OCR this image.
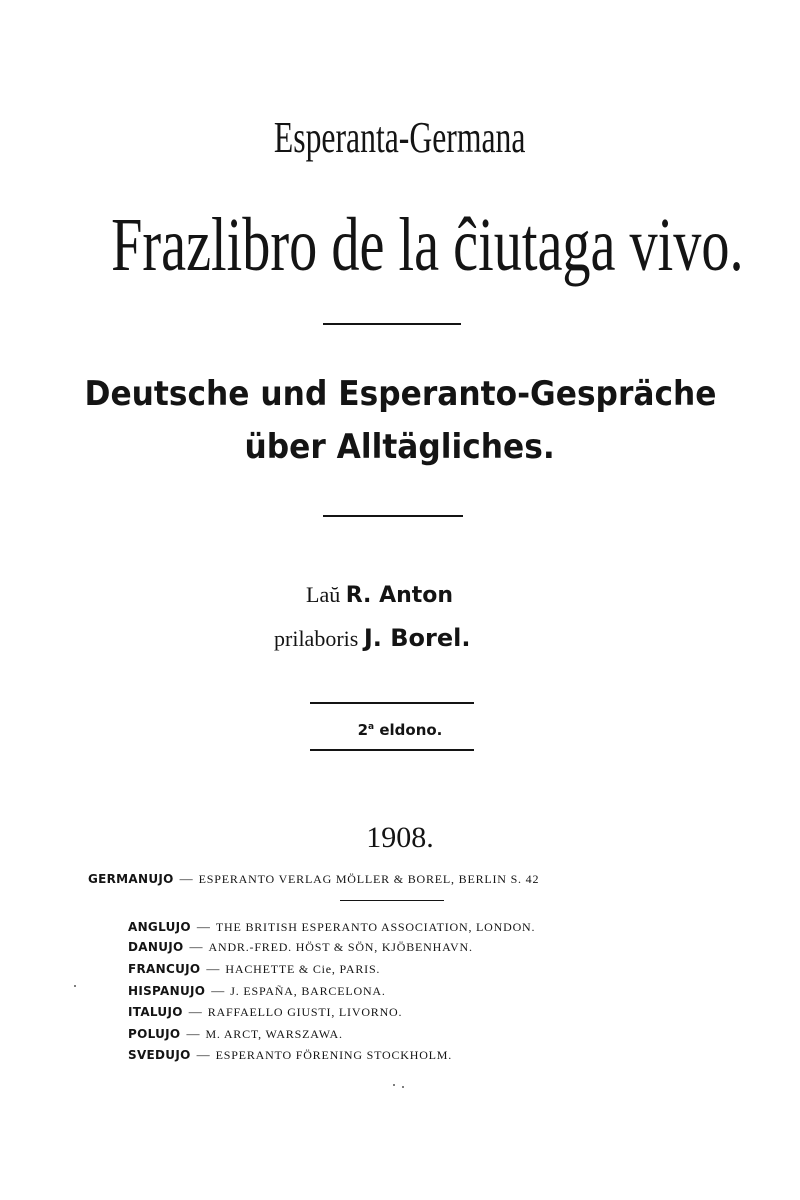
Esperanta-Germana
Frazlibro de la ĉiutaga vivo.
Deutsche und Esperanto-Gespräche
über Alltägliches.
Laŭ R. Anton
prilaboris J. Borel.
2$^a$ eldono.
1908.
GERMANUJO — ESPERANTO VERLAG MÖLLER & BOREL, BERLIN S. 42
ANGLUJO — THE BRITISH ESPERANTO ASSOCIATION, LONDON.
DANUJO — ANDR.-FRED. HÖST & SÖN, KJÖBENHAVN.
FRANCUJO — HACHETTE & Cie, PARIS.
HISPANUJO — J. ESPAÑA, BARCELONA.
ITALUJO — RAFFAELLO GIUSTI, LIVORNO.
POLUJO — M. ARCT, WARSZAWA.
SVEDUJO — ESPERANTO FÖRENING STOCKHOLM.
